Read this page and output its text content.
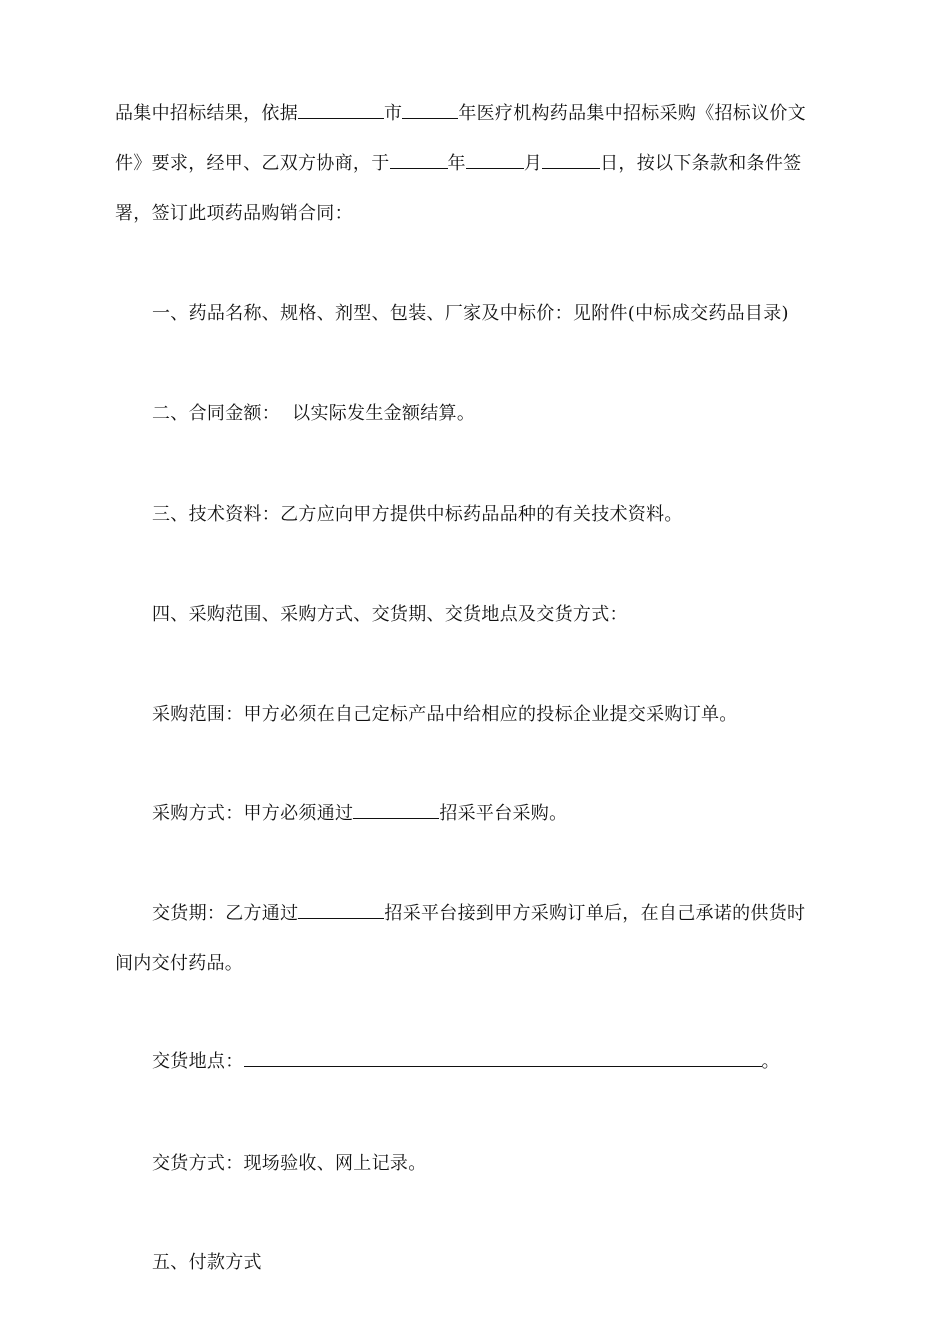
品集中招标结果，依据	市	年医疗机构药品集中招标采购《招标议价文
件》要求，经甲、乙双方协商，于	年	月	日，按以下条款和条件签
署，签订此项药品购销合同：
一、药品名称、规格、剂型、包装、厂家及中标价：见附件(中标成交药品目录)
二、合同金额：  以实际发生金额结算。
三、技术资料：乙方应向甲方提供中标药品品种的有关技术资料。
四、采购范围、采购方式、交货期、交货地点及交货方式：
采购范围：甲方必须在自己定标产品中给相应的投标企业提交采购订单。
采购方式：甲方必须通过	招采平台采购。
交货期：乙方通过	招采平台接到甲方采购订单后，在自己承诺的供货时
间内交付药品。
交货地点：	。
交货方式：现场验收、网上记录。
五、付款方式
